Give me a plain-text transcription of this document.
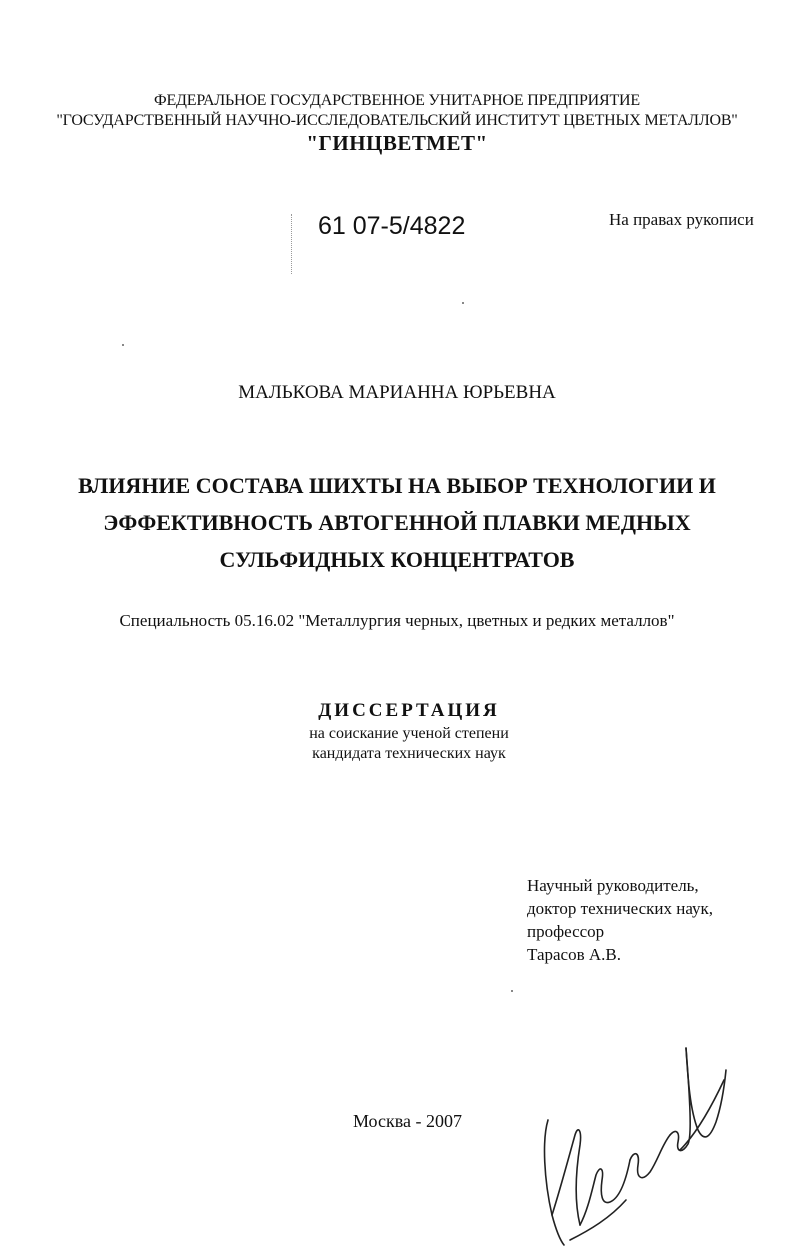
ФЕДЕРАЛЬНОЕ ГОСУДАРСТВЕННОЕ УНИТАРНОЕ ПРЕДПРИЯТИЕ
"ГОСУДАРСТВЕННЫЙ НАУЧНО-ИССЛЕДОВАТЕЛЬСКИЙ ИНСТИТУТ ЦВЕТНЫХ МЕТАЛЛОВ"
"ГИНЦВЕТМЕТ"
61 07-5/4822	На правах рукописи
МАЛЬКОВА МАРИАННА ЮРЬЕВНА
ВЛИЯНИЕ СОСТАВА ШИХТЫ НА ВЫБОР ТЕХНОЛОГИИ И
ЭФФЕКТИВНОСТЬ АВТОГЕННОЙ ПЛАВКИ МЕДНЫХ
СУЛЬФИДНЫХ КОНЦЕНТРАТОВ
Специальность 05.16.02 "Металлургия черных, цветных и редких металлов"
ДИССЕРТАЦИЯ
на соискание ученой степени
кандидата технических наук
Научный руководитель,
доктор технических наук,
профессор
Тарасов А.В.
Москва - 2007
